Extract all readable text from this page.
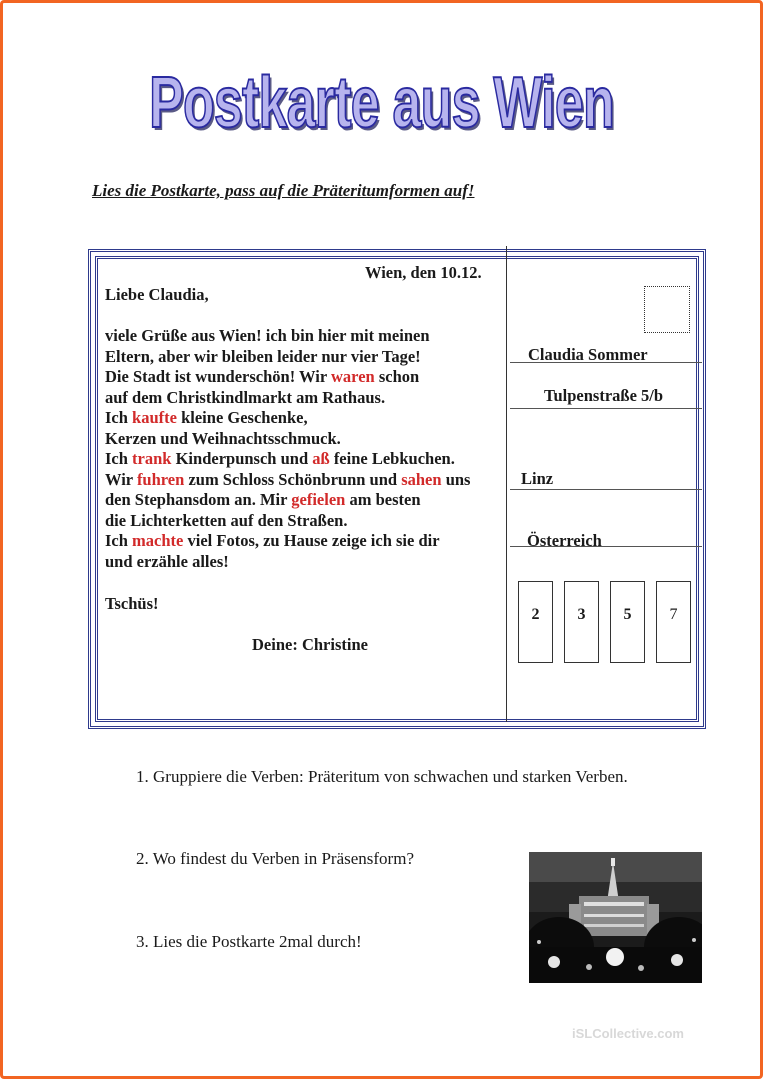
Postkarte aus Wien
Lies die Postkarte, pass auf die Präteritumformen auf!
Wien, den 10.12.
Liebe Claudia,
viele Grüße aus Wien! ich bin hier mit meinen
Eltern, aber wir bleiben leider nur vier Tage!
Die Stadt ist wunderschön! Wir waren schon
auf dem Christkindlmarkt am Rathaus.
Ich kaufte kleine Geschenke,
Kerzen und Weihnachtsschmuck.
Ich trank Kinderpunsch und aß feine Lebkuchen.
Wir fuhren zum Schloss Schönbrunn und sahen uns
den Stephansdom an. Mir gefielen am besten
die Lichterketten auf den Straßen.
Ich machte viel Fotos, zu Hause zeige ich sie dir
und erzähle alles!
Tschüs!
Deine: Christine
Claudia Sommer
Tulpenstraße 5/b
Linz
Österreich
2	3	5	7
1. Gruppiere die Verben: Präteritum von schwachen und starken Verben.
2. Wo findest du Verben in Präsensform?
3. Lies die Postkarte 2mal durch!
iSLCollective.com
